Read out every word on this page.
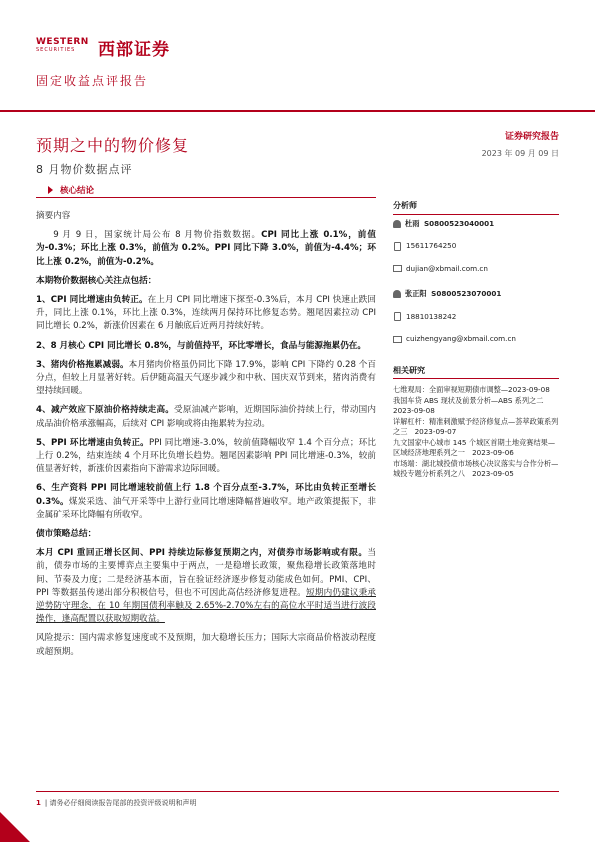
WESTERN
SECURITIES	西部证券
固定收益点评报告
预期之中的物价修复
8 月物价数据点评
证券研究报告
2023 年 09 月 09 日
核心结论

摘要内容

9 月 9 日，国家统计局公布 8 月物价指数数据。CPI 同比上涨 0.1%，前值为-0.3%；环比上涨 0.3%，前值为 0.2%。PPI 同比下降 3.0%，前值为-4.4%；环比上涨 0.2%，前值为-0.2%。

本期物价数据核心关注点包括：

1、CPI 同比增速由负转正。在上月 CPI 同比增速下探至-0.3%后，本月 CPI 快速止跌回升，同比上涨 0.1%，环比上涨 0.3%，连续两月保持环比修复态势。翘尾因素拉动 CPI 同比增长 0.2%，新涨价因素在 6 月触底后近两月持续好转。

2、8 月核心 CPI 同比增长 0.8%，与前值持平，环比零增长，食品与能源拖累仍在。

3、猪肉价格拖累减弱。本月猪肉价格虽仍同比下降 17.9%，影响 CPI 下降约 0.28 个百分点，但较上月显著好转。后伊随高温天气逐步减少和中秋、国庆双节到来，猪肉消费有望持续回暖。

4、减产效应下原油价格持续走高。受原油减产影响，近期国际油价持续上行，带动国内成品油价格承涨幅高，后续对 CPI 影响或将由拖累转为拉动。

5、PPI 环比增速由负转正。PPI 同比增速-3.0%，较前值降幅收窄 1.4 个百分点；环比上行 0.2%，结束连续 4 个月环比负增长趋势。翘尾因素影响 PPI 同比增速-0.3%，较前值显著好转，新涨价因素指向下游需求边际回暖。

6、生产资料 PPI 同比增速较前值上行 1.8 个百分点至-3.7%，环比由负转正至增长 0.3%。煤炭采选、油气开采等中上游行业同比增速降幅普遍收窄。地产政策提振下，非金属矿采环比降幅有所收窄。

债市策略总结：

本月 CPI 重回正增长区间、PPI 持续边际修复预期之内，对债券市场影响或有限。当前，债券市场的主要博弈点主要集中于两点，一是稳增长政策，聚焦稳增长政策落地时间、节奏及力度；二是经济基本面，旨在验证经济逐步修复动能成色如何。PMI、CPI、PPI 等数据虽传递出部分积极信号，但也不可因此高估经济修复进程。短期内仍建议秉承逆势防守理念，在 10 年期国债利率触及 2.65%-2.70%左右的高位水平时适当进行波段操作，逢高配置以获取短期收益。

风险提示：国内需求修复速度或不及预期，加大稳增长压力；国际大宗商品价格波动程度或超预期。

分析师
杜雨
S0800523040001
15611764250
dujian@xbmail.com.cn
张正阳
S0800523070001
18810138242
cuizhengyang@xbmail.com.cn
相关研究
七维观局：全面审视短期债市调整—2023-09-08
我国车贷 ABS 现状及前景分析—ABS 系列之二　2023-09-08
详解杠杆：精准刺激赋予经济修复点—荟萃政策系列之三　2023-09-07
九文国家中心城市 145 个城区首期土地竞赛结果—区域经济地理系列之一　2023-09-06
市场端：湖北城投债市场核心决议落实与合作分析—城投专题分析系列之八　2023-09-05
1 | 请务必仔细阅读报告尾部的投资评级说明和声明
